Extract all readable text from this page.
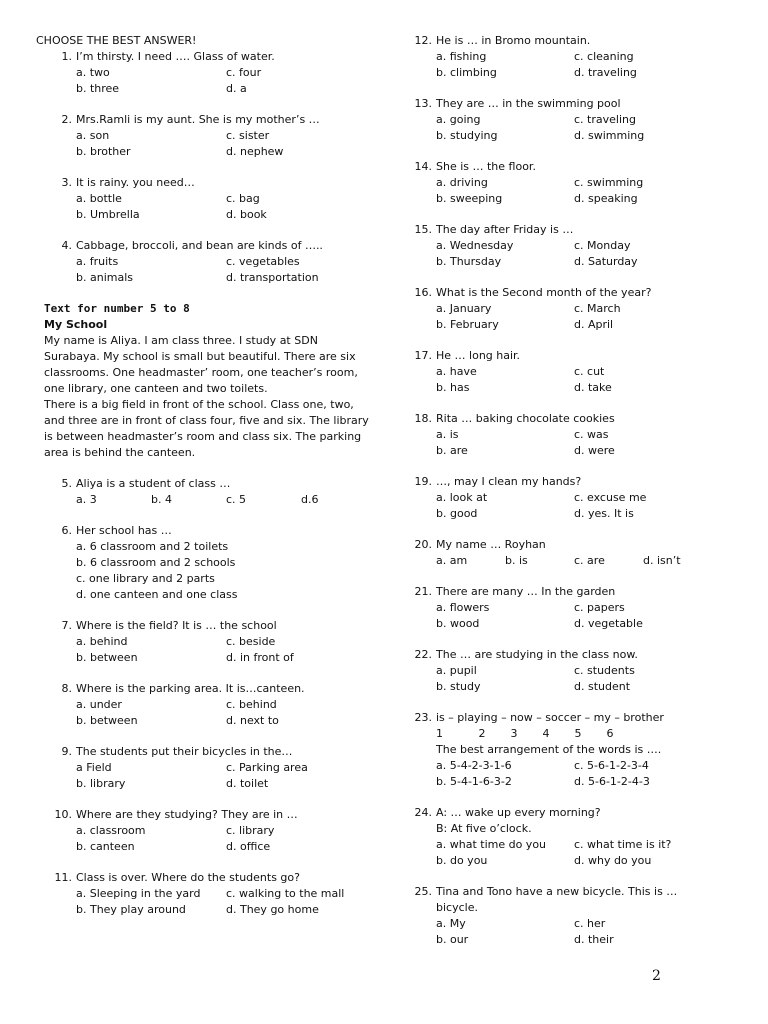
CHOOSE THE BEST ANSWER!
1. I’m thirsty. I need …. Glass of water.
a. two	c. four
b. three	d. a
2. Mrs.Ramli is my aunt. She is my mother’s …
a. son	c. sister
b. brother	d. nephew
3. It is rainy. you need…
a. bottle	c. bag
b. Umbrella	d. book
4. Cabbage, broccoli, and bean are kinds of …..
a. fruits	c. vegetables
b. animals	d. transportation
Text for number 5 to 8
My School

My name is Aliya. I am class three. I study at SDN Surabaya. My school is small but beautiful. There are six classrooms. One headmaster’ room, one teacher’s room, one library, one canteen and two toilets.

There is a big field in front of the school. Class one, two, and three are in front of class four, five and six. The library is between headmaster’s room and class six. The parking area is behind the canteen.

5. Aliya is a student of class …
a. 3	b. 4	c. 5	d.6
6. Her school has …
a. 6 classroom and 2 toilets
b. 6 classroom and 2 schools
c. one library and 2 parts
d. one canteen and one class
7. Where is the field? It is … the school
a. behind	c. beside
b. between	d. in front of
8. Where is the parking area. It is…canteen.
a. under	c. behind
b. between	d. next to
9. The students put their bicycles in the…
a Field	c. Parking area
b. library	d. toilet
10. Where are they studying? They are in …
a. classroom	c. library
b. canteen	d. office
11. Class is over. Where do the students go?
a. Sleeping in the yard	c. walking to the mall
b. They play around	d. They go home
12. He is … in Bromo mountain.
a. fishing	c. cleaning
b. climbing	d. traveling
13. They are … in the swimming pool
a. going	c. traveling
b. studying	d. swimming
14. She is … the floor.
a. driving	c. swimming
b. sweeping	d. speaking
15. The day after Friday is …
a. Wednesday	c. Monday
b. Thursday	d. Saturday
16. What is the Second month of the year?
a. January	c. March
b. February	d. April
17. He … long hair.
a. have	c. cut
b. has	d. take
18. Rita … baking chocolate cookies
a. is	c. was
b. are	d. were
19. …, may I clean my hands?
a. look at	c. excuse me
b. good	d. yes. It is
20. My name … Royhan
a. am	b. is	c. are	d. isn’t
21. There are many … In the garden
a. flowers	c. papers
b. wood	d. vegetable
22. The … are studying in the class now.
a. pupil	c. students
b. study	d. student
23. is – playing – now – soccer – my – brother
1	2	3	4	5	6
The best arrangement of the words is ….
a. 5-4-2-3-1-6	c. 5-6-1-2-3-4
b. 5-4-1-6-3-2	d. 5-6-1-2-4-3
24. A: … wake up every morning?
B: At five o’clock.
a. what time do you	c. what time is it?
b. do you	d. why do you
25. Tina and Tono have a new bicycle. This is … bicycle.
a. My	c. her
b. our	d. their
2
